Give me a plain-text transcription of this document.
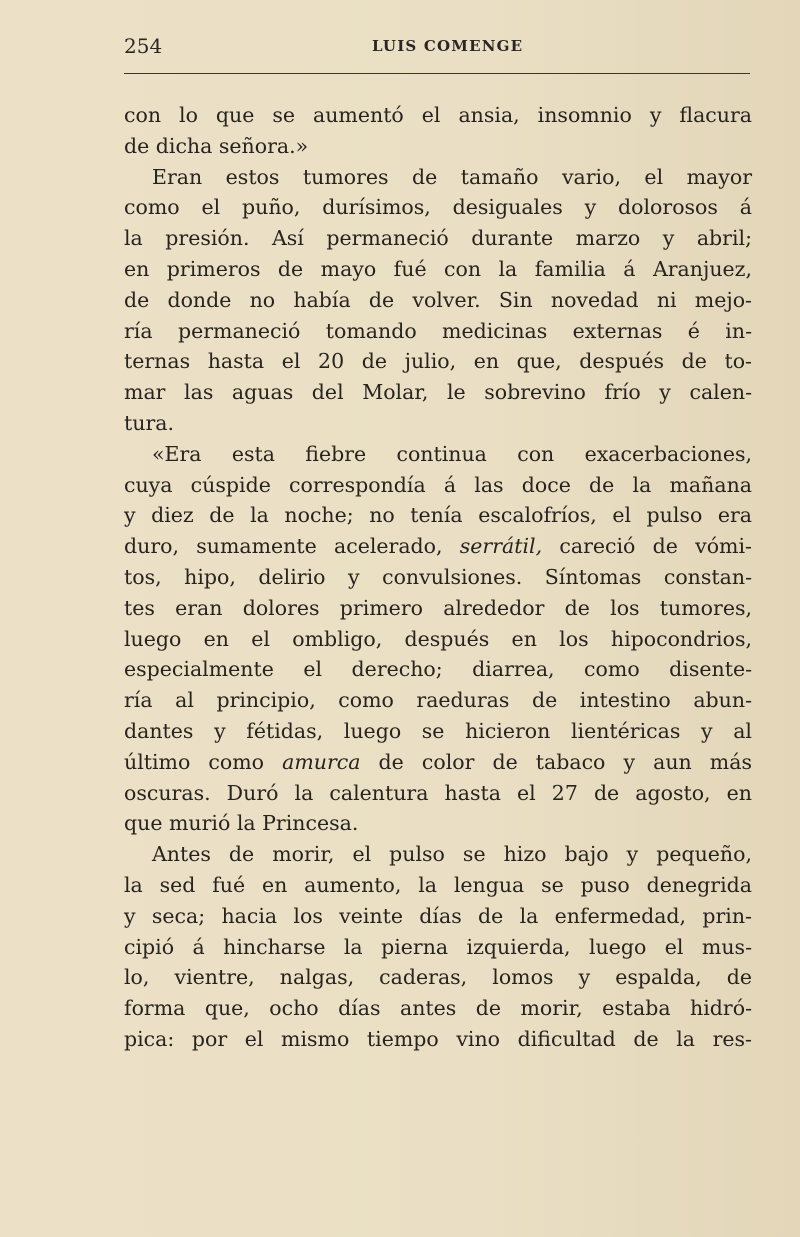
254	LUIS COMENGE
con lo que se aumentó el ansia, insomnio y flacura
de dicha señora.»
Eran estos tumores de tamaño vario, el mayor
como el puño, durísimos, desiguales y dolorosos á
la presión. Así permaneció durante marzo y abril;
en primeros de mayo fué con la familia á Aranjuez,
de donde no había de volver. Sin novedad ni mejo-
ría permaneció tomando medicinas externas é in-
ternas hasta el 20 de julio, en que, después de to-
mar las aguas del Molar, le sobrevino frío y calen-
tura.
«Era esta fiebre continua con exacerbaciones,
cuya cúspide correspondía á las doce de la mañana
y diez de la noche; no tenía escalofríos, el pulso era
duro, sumamente acelerado, serrátil, careció de vómi-
tos, hipo, delirio y convulsiones. Síntomas constan-
tes eran dolores primero alrededor de los tumores,
luego en el ombligo, después en los hipocondrios,
especialmente el derecho; diarrea, como disente-
ría al principio, como raeduras de intestino abun-
dantes y fétidas, luego se hicieron lientéricas y al
último como amurca de color de tabaco y aun más
oscuras. Duró la calentura hasta el 27 de agosto, en
que murió la Princesa.
Antes de morir, el pulso se hizo bajo y pequeño,
la sed fué en aumento, la lengua se puso denegrida
y seca; hacia los veinte días de la enfermedad, prin-
cipió á hincharse la pierna izquierda, luego el mus-
lo, vientre, nalgas, caderas, lomos y espalda, de
forma que, ocho días antes de morir, estaba hidró-
pica: por el mismo tiempo vino dificultad de la res-
